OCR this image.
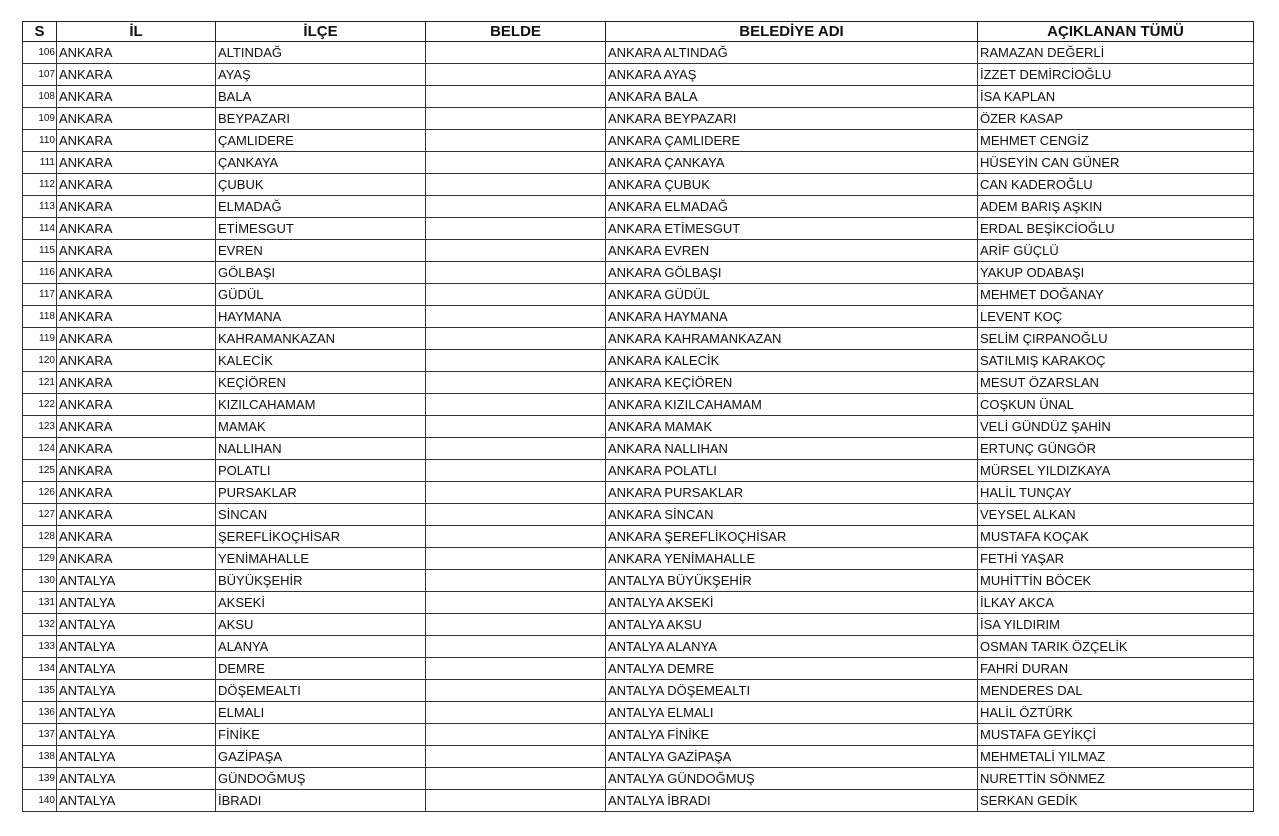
S	İL	İLÇE	BELDE	BELEDİYE ADI	AÇIKLANAN TÜMÜ
106	ANKARA	ALTINDAĞ		ANKARA ALTINDAĞ	RAMAZAN DEĞERLİ
107	ANKARA	AYAŞ		ANKARA AYAŞ	İZZET DEMİRCİOĞLU
108	ANKARA	BALA		ANKARA BALA	İSA KAPLAN
109	ANKARA	BEYPAZARI		ANKARA BEYPAZARI	ÖZER KASAP
110	ANKARA	ÇAMLIDERE		ANKARA ÇAMLIDERE	MEHMET CENGİZ
111	ANKARA	ÇANKAYA		ANKARA ÇANKAYA	HÜSEYİN CAN GÜNER
112	ANKARA	ÇUBUK		ANKARA ÇUBUK	CAN KADEROĞLU
113	ANKARA	ELMADAĞ		ANKARA ELMADAĞ	ADEM BARIŞ AŞKIN
114	ANKARA	ETİMESGUT		ANKARA ETİMESGUT	ERDAL BEŞİKCİOĞLU
115	ANKARA	EVREN		ANKARA EVREN	ARİF GÜÇLÜ
116	ANKARA	GÖLBAŞI		ANKARA GÖLBAŞI	YAKUP ODABAŞI
117	ANKARA	GÜDÜL		ANKARA GÜDÜL	MEHMET DOĞANAY
118	ANKARA	HAYMANA		ANKARA HAYMANA	LEVENT KOÇ
119	ANKARA	KAHRAMANKAZAN		ANKARA KAHRAMANKAZAN	SELİM ÇIRPANOĞLU
120	ANKARA	KALECİK		ANKARA KALECİK	SATILMIŞ KARAKOÇ
121	ANKARA	KEÇİÖREN		ANKARA KEÇİÖREN	MESUT ÖZARSLAN
122	ANKARA	KIZILCAHAMAM		ANKARA KIZILCAHAMAM	COŞKUN ÜNAL
123	ANKARA	MAMAK		ANKARA MAMAK	VELİ GÜNDÜZ ŞAHİN
124	ANKARA	NALLIHAN		ANKARA NALLIHAN	ERTUNÇ GÜNGÖR
125	ANKARA	POLATLI		ANKARA POLATLI	MÜRSEL YILDIZKAYA
126	ANKARA	PURSAKLAR		ANKARA PURSAKLAR	HALİL TUNÇAY
127	ANKARA	SİNCAN		ANKARA SİNCAN	VEYSEL ALKAN
128	ANKARA	ŞEREFLİKOÇHİSAR		ANKARA ŞEREFLİKOÇHİSAR	MUSTAFA KOÇAK
129	ANKARA	YENİMAHALLE		ANKARA YENİMAHALLE	FETHİ YAŞAR
130	ANTALYA	BÜYÜKŞEHİR		ANTALYA BÜYÜKŞEHİR	MUHİTTİN BÖCEK
131	ANTALYA	AKSEKİ		ANTALYA AKSEKİ	İLKAY AKCA
132	ANTALYA	AKSU		ANTALYA AKSU	İSA YILDIRIM
133	ANTALYA	ALANYA		ANTALYA ALANYA	OSMAN TARIK ÖZÇELİK
134	ANTALYA	DEMRE		ANTALYA DEMRE	FAHRİ DURAN
135	ANTALYA	DÖŞEMEALTI		ANTALYA DÖŞEMEALTI	MENDERES DAL
136	ANTALYA	ELMALI		ANTALYA ELMALI	HALİL ÖZTÜRK
137	ANTALYA	FİNİKE		ANTALYA FİNİKE	MUSTAFA GEYİKÇİ
138	ANTALYA	GAZİPAŞA		ANTALYA GAZİPAŞA	MEHMETALİ YILMAZ
139	ANTALYA	GÜNDOĞMUŞ		ANTALYA GÜNDOĞMUŞ	NURETTİN SÖNMEZ
140	ANTALYA	İBRADI		ANTALYA İBRADI	SERKAN GEDİK
